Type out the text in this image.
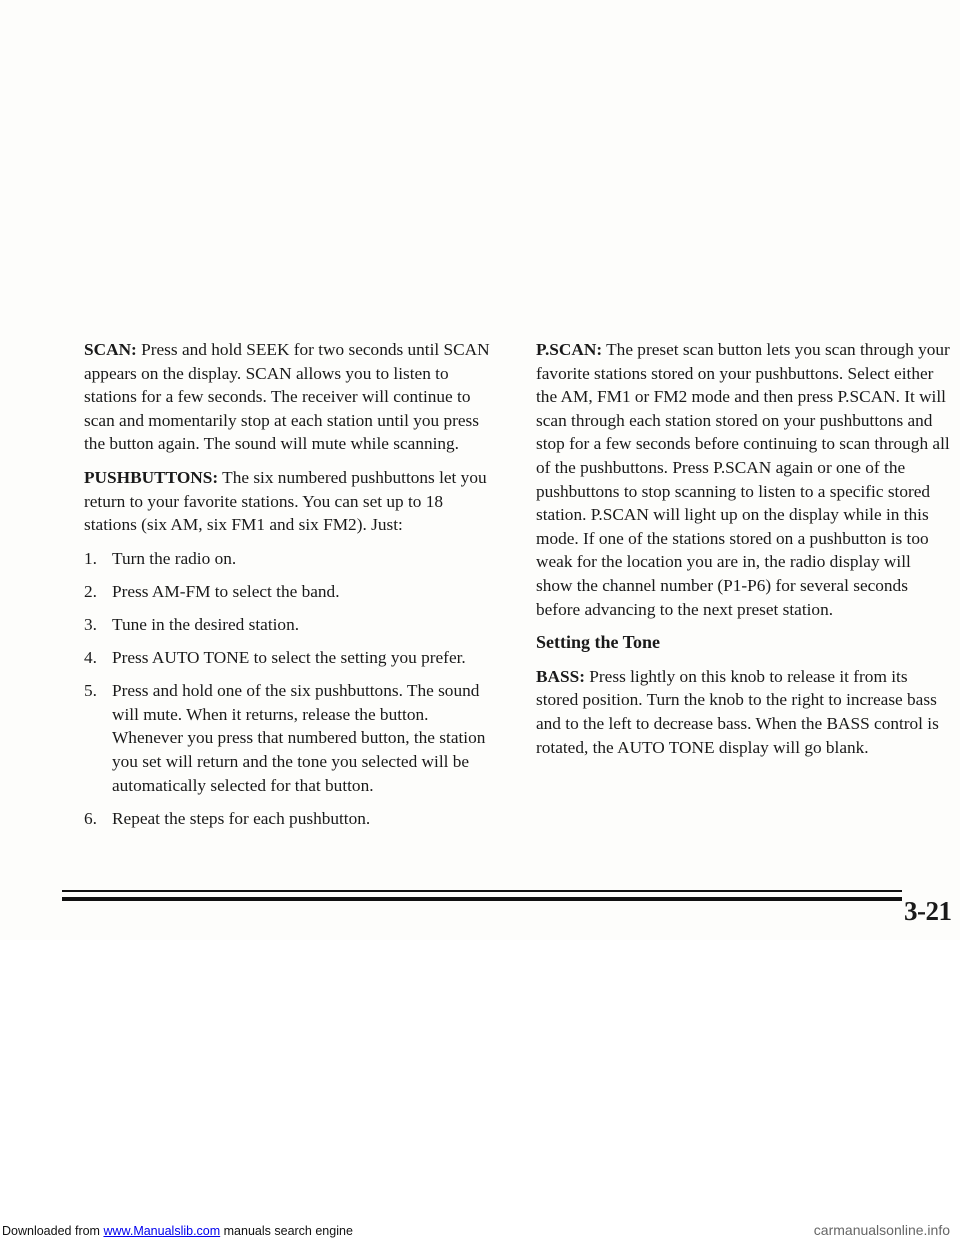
SCAN: Press and hold SEEK for two seconds until SCAN appears on the display. SCAN allows you to listen to stations for a few seconds. The receiver will continue to scan and momentarily stop at each station until you press the button again. The sound will mute while scanning.

PUSHBUTTONS: The six numbered pushbuttons let you return to your favorite stations. You can set up to 18 stations (six AM, six FM1 and six FM2). Just:

1. Turn the radio on.
2. Press AM-FM to select the band.
3. Tune in the desired station.
4. Press AUTO TONE to select the setting you prefer.
5. Press and hold one of the six pushbuttons. The sound will mute. When it returns, release the button. Whenever you press that numbered button, the station you set will return and the tone you selected will be automatically selected for that button.
6. Repeat the steps for each pushbutton.

P.SCAN: The preset scan button lets you scan through your favorite stations stored on your pushbuttons. Select either the AM, FM1 or FM2 mode and then press P.SCAN. It will scan through each station stored on your pushbuttons and stop for a few seconds before continuing to scan through all of the pushbuttons. Press P.SCAN again or one of the pushbuttons to stop scanning to listen to a specific stored station. P.SCAN will light up on the display while in this mode. If one of the stations stored on a pushbutton is too weak for the location you are in, the radio display will show the channel number (P1-P6) for several seconds before advancing to the next preset station.

Setting the Tone

BASS: Press lightly on this knob to release it from its stored position. Turn the knob to the right to increase bass and to the left to decrease bass. When the BASS control is rotated, the AUTO TONE display will go blank.

3-21
Downloaded from www.Manualslib.com manuals search engine	carmanualsonline.info
